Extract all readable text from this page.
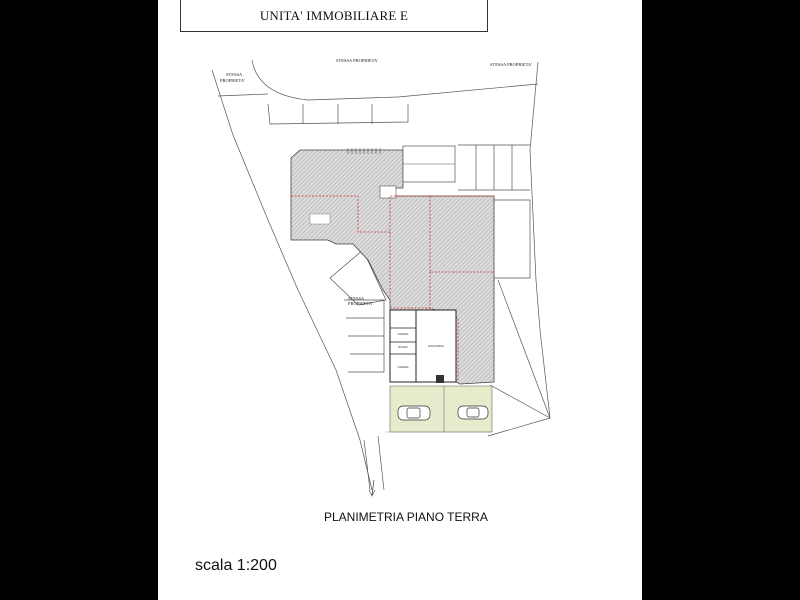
UNITA' IMMOBILIARE E
CAMERA
BAGNO
CAMERA
SOGGIORNO
STESSA
PROPRIETA'
STESSA PROPRIETA'
STESSA PROPRIETA'
STESSA
PROPRIETA'
PLANIMETRIA PIANO TERRA
scala 1:200
